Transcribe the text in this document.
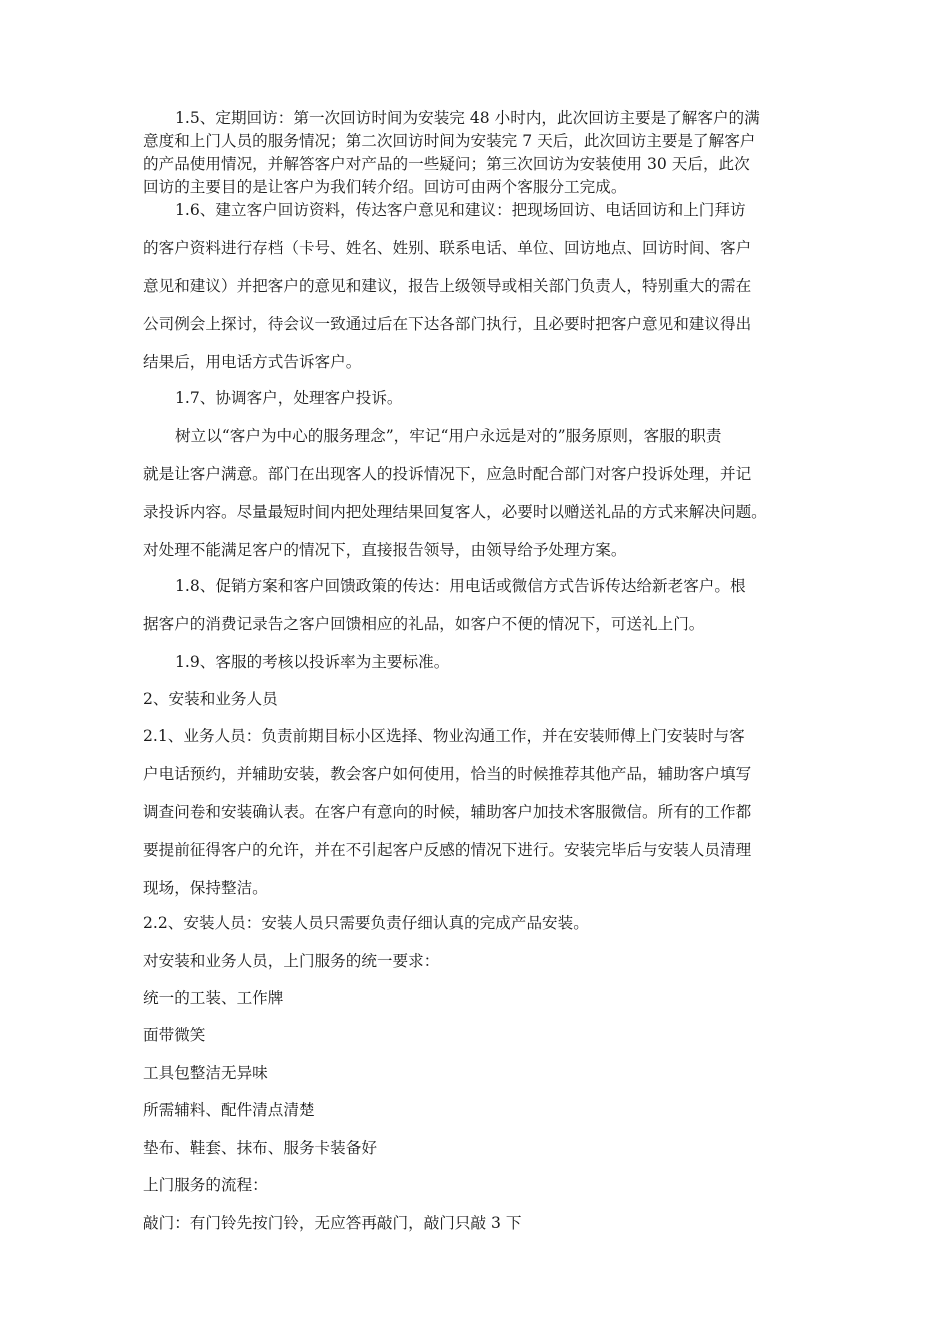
1.5、定期回访：第一次回访时间为安装完 48 小时内，此次回访主要是了解客户的满
意度和上门人员的服务情况；第二次回访时间为安装完 7 天后，此次回访主要是了解客户
的产品使用情况，并解答客户对产品的一些疑问；第三次回访为安装使用 30 天后，此次
回访的主要目的是让客户为我们转介绍。回访可由两个客服分工完成。
1.6、建立客户回访资料，传达客户意见和建议：把现场回访、电话回访和上门拜访
的客户资料进行存档（卡号、姓名、姓别、联系电话、单位、回访地点、回访时间、客户
意见和建议）并把客户的意见和建议，报告上级领导或相关部门负责人，特别重大的需在
公司例会上探讨，待会议一致通过后在下达各部门执行，且必要时把客户意见和建议得出
结果后，用电话方式告诉客户。
1.7、协调客户，处理客户投诉。
树立以“客户为中心的服务理念”，牢记“用户永远是对的”服务原则，客服的职责
就是让客户满意。部门在出现客人的投诉情况下，应急时配合部门对客户投诉处理，并记
录投诉内容。尽量最短时间内把处理结果回复客人，必要时以赠送礼品的方式来解决问题。
对处理不能满足客户的情况下，直接报告领导，由领导给予处理方案。
1.8、促销方案和客户回馈政策的传达：用电话或微信方式告诉传达给新老客户。根
据客户的消费记录告之客户回馈相应的礼品，如客户不便的情况下，可送礼上门。
1.9、客服的考核以投诉率为主要标准。
2、安装和业务人员
2.1、业务人员：负责前期目标小区选择、物业沟通工作，并在安装师傅上门安装时与客
户电话预约，并辅助安装，教会客户如何使用，恰当的时候推荐其他产品，辅助客户填写
调查问卷和安装确认表。在客户有意向的时候，辅助客户加技术客服微信。所有的工作都
要提前征得客户的允许，并在不引起客户反感的情况下进行。安装完毕后与安装人员清理
现场，保持整洁。
2.2、安装人员：安装人员只需要负责仔细认真的完成产品安装。
对安装和业务人员，上门服务的统一要求：
统一的工装、工作牌
面带微笑
工具包整洁无异味
所需辅料、配件清点清楚
垫布、鞋套、抹布、服务卡装备好
上门服务的流程：
敲门：有门铃先按门铃，无应答再敲门，敲门只敲 3 下
